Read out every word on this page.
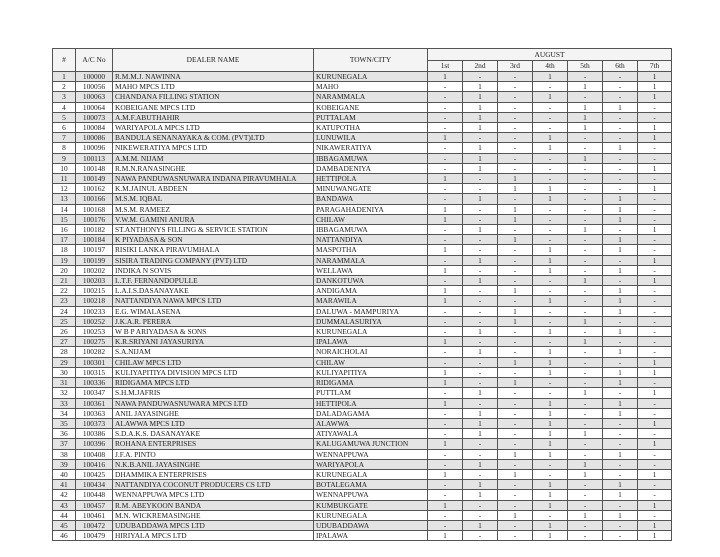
#	A/C No	DEALER NAME	TOWN/CITY	AUGUST						
				1st	2nd	3rd	4th	5th	6th	7th
1	100000	R.M.M.J. NAWINNA	KURUNEGALA	1	-	-	1	-	-	1
2	100056	MAHO MPCS LTD	MAHO	-	1	-	-	1	-	1
3	100063	CHANDANA FILLING STATION	NARAMMALA	-	1	-	1	-	-	1
4	100064	KOBEIGANE MPCS LTD	KOBEIGANE	-	1	-	-	1	1	-
5	100073	A.M.F.ABUTHAHIR	PUTTALAM	-	1	-	-	1	-	-
6	100084	WARIYAPOLA MPCS LTD	KATUPOTHA	-	1	-	-	1	-	1
7	100086	BANDULA SENANAYAKA & COM. (PVT)LTD	LUNUWILA	1	-	-	1	-	-	1
8	100096	NIKEWERATIYA MPCS LTD	NIKAWERATIYA	-	1	-	1	-	1	-
9	100113	A.M.M. NIJAM	IBBAGAMUWA	-	1	-	-	1	-	-
10	100148	R.M.N.RANASINGHE	DAMBADENIYA	-	1	-	-	-	-	1
11	100149	NAWA PANDUWASNUWARA INDANA PIRAVUMHALA	HETTIPOLA	1	-	1	-	-	-	-
12	100162	K.M.JAINUL ABDEEN	MINUWANGATE	-	-	1	1	-	-	1
13	100166	M.S.M. IQBAL	BANDAWA	-	1	-	1	-	1	-
14	100168	M.S.M. RAMEEZ	PARAGAHADENIYA	1	-	1	-	-	1	-
15	100176	V.W.M. GAMINI ANURA	CHILAW	1	-	1	-	-	1	-
16	100182	ST.ANTHONYS FILLING & SERVICE STATION	IBBAGAMUWA	-	1	-	-	1	-	1
17	100184	K PIYADASA & SON	NATTANDIYA	-	-	1	-	-	1	-
18	100197	RISIKI LANKA PIRAVUMHALA	MASPOTHA	1	-	-	1	-	1	-
19	100199	SISIRA TRADING COMPANY (PVT) LTD	NARAMMALA	-	1	-	1	-	-	1
20	100202	INDIKA N SOVIS	WELLAWA	1	-	-	1	-	1	-
21	100203	L.T.F. FERNANDOPULLE	DANKOTUWA	-	1	-	-	1	-	1
22	100215	L.A.I.S.DASANAYAKE	ANDIGAMA	1	-	1	-	-	1	-
23	100218	NATTANDIYA NAWA MPCS LTD	MARAWILA	1	-	-	1	-	1	-
24	100233	E.G. WIMALASENA	DALUWA - MAMPURIYA	-	-	1	-	-	1	-
25	100252	J.K.A.R. PERERA	DUMMALASURIYA	-	-	1	-	1	-	-
26	100253	W B P ARIYADASA & SONS	KURUNEGALA	-	1	-	1	-	1	-
27	100275	K.R.SRIYANI JAYASURIYA	IPALAWA	1	-	-	-	1	-	-
28	100282	S.A.NIJAM	NORAICHOLAI	-	1	-	1	-	1	-
29	100301	CHILAW MPCS LTD	CHILAW	-	-	1	1	-	-	1
30	100315	KULIYAPITIYA DIVISION MPCS LTD	KULIYAPITIYA	1	-	-	1	-	1	1
31	100336	RIDIGAMA MPCS LTD	RIDIGAMA	1	-	1	-	-	1	-
32	100347	S.H.M.JAFRIS	PUTTLAM	-	1	-	-	1	-	1
33	100361	NAWA PANDUWASNUWARA MPCS LTD	HETTIPOLA	1	-	-	1	-	1	-
34	100363	ANIL JAYASINGHE	DALADAGAMA	-	1	-	1	-	1	-
35	100373	ALAWWA MPCS LTD	ALAWWA	-	1	-	1	-	-	1
36	100386	S.D.A.K.S. DASANAYAKE	ATIYAWALA	-	1	-	1	1	-	-
37	100396	ROHANA ENTERPRISES	KALUGAMUWA JUNCTION	1	-	-	1	-	-	1
38	100408	J.F.A. PINTO	WENNAPPUWA	-	-	1	1	-	1	-
39	100416	N.K.B.ANIL JAYASINGHE	WARIYAPOLA	-	1	-	-	1	-	-
40	100425	DHAMMIKA ENTERPRISES	KURUNEGALA	1	-	1	-	1	-	1
41	100434	NATTANDIYA COCONUT PRODUCERS CS LTD	BOTALEGAMA	-	1	-	1	-	1	-
42	100448	WENNAPPUWA MPCS LTD	WENNAPPUWA	-	1	-	1	-	1	-
43	100457	R.M. ABEYKOON BANDA	KUMBUKGATE	1	-	-	1	-	-	1
44	100461	M.N. WICKREMASINGHE	KURUNEGALA	-	-	1	-	1	1	-
45	100472	UDUBADDAWA MPCS LTD	UDUBADDAWA	-	1	-	1	-	-	1
46	100479	HIRIYALA MPCS LTD	IPALAWA	1	-	-	1	-	-	1
